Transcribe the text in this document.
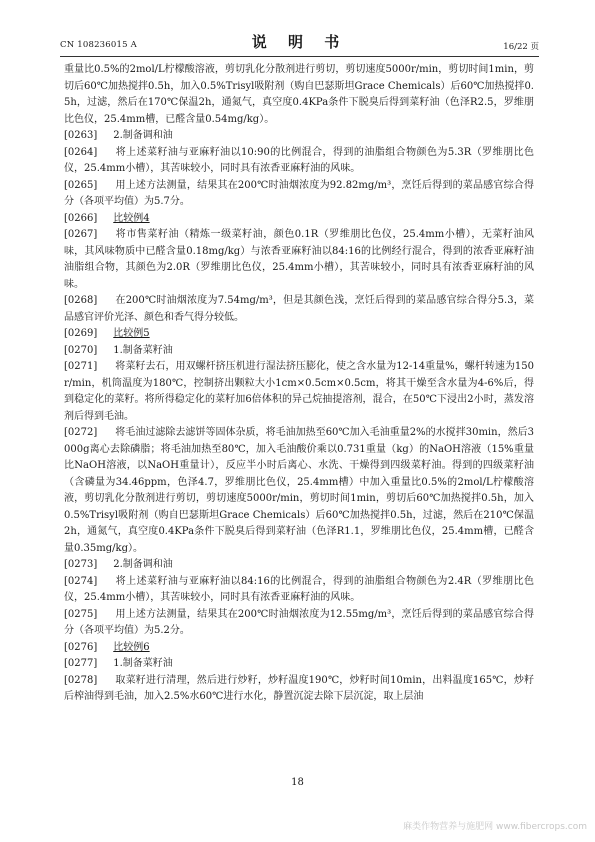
CN 108236015 A	说 明 书	16/22 页

重量比0.5%的2mol/L柠檬酸溶液，剪切乳化分散剂进行剪切，剪切速度5000r/min，剪切时间1min，剪切后60℃加热搅拌0.5h，加入0.5%Trisyl吸附剂（购自巴瑟斯坦Grace Chemicals）后60℃加热搅拌0.5h，过滤，然后在170℃保温2h，通氮气，真空度0.4KPa条件下脱臭后得到菜籽油（色泽R2.5，罗维朋比色仪，25.4mm槽，已醛含量0.54mg/kg）。

[0263] 2.制备调和油

[0264] 将上述菜籽油与亚麻籽油以10:90的比例混合，得到的油脂组合物颜色为5.3R（罗维朋比色仪，25.4mm小槽），其苦味较小，同时具有浓香亚麻籽油的风味。

[0265] 用上述方法测量，结果其在200℃时油烟浓度为92.82mg/m³，烹饪后得到的菜品感官综合得分（各项平均值）为5.7分。

[0266] 比较例4

[0267] 将市售菜籽油（精炼一级菜籽油，颜色0.1R（罗维朋比色仪，25.4mm小槽），无菜籽油风味，其风味物质中已醛含量0.18mg/kg）与浓香亚麻籽油以84:16的比例经行混合，得到的浓香亚麻籽油油脂组合物，其颜色为2.0R（罗维朋比色仪，25.4mm小槽），其苦味较小，同时具有浓香亚麻籽油的风味。

[0268] 在200℃时油烟浓度为7.54mg/m³，但是其颜色浅，烹饪后得到的菜品感官综合得分5.3，菜品感官评价光泽、颜色和香气得分较低。

[0269] 比较例5

[0270] 1.制备菜籽油

[0271] 将菜籽去石，用双螺杆挤压机进行湿法挤压膨化，使之含水量为12-14重量%，螺杆转速为150r/min，机筒温度为180℃，控制挤出颗粒大小1cm×0.5cm×0.5cm，将其干燥至含水量为4-6%后，得到稳定化的菜籽。将所得稳定化的菜籽加6倍体积的异己烷抽提溶剂，混合，在50℃下浸出2小时，蒸发溶剂后得到毛油。

[0272] 将毛油过滤除去滤饼等固体杂质，将毛油加热至60℃加入毛油重量2%的水搅拌30min，然后3000g离心去除磷脂；将毛油加热至80℃，加入毛油酸价乘以0.731重量（kg）的NaOH溶液（15%重量比NaOH溶液，以NaOH重量计），反应半小时后离心、水洗、干燥得到四级菜籽油。得到的四级菜籽油（含磷量为34.46ppm，色泽4.7，罗维朋比色仪，25.4mm槽）中加入重量比0.5%的2mol/L柠檬酸溶液，剪切乳化分散剂进行剪切，剪切速度5000r/min，剪切时间1min，剪切后60℃加热搅拌0.5h，加入0.5%Trisyl吸附剂（购自巴瑟斯坦Grace Chemicals）后60℃加热搅拌0.5h，过滤，然后在210℃保温2h，通氮气，真空度0.4KPa条件下脱臭后得到菜籽油（色泽R1.1，罗维朋比色仪，25.4mm槽，已醛含量0.35mg/kg）。

[0273] 2.制备调和油

[0274] 将上述菜籽油与亚麻籽油以84:16的比例混合，得到的油脂组合物颜色为2.4R（罗维朋比色仪，25.4mm小槽），其苦味较小，同时具有浓香亚麻籽油的风味。

[0275] 用上述方法测量，结果其在200℃时油烟浓度为12.55mg/m³，烹饪后得到的菜品感官综合得分（各项平均值）为5.2分。

[0276] 比较例6

[0277] 1.制备菜籽油

[0278] 取菜籽进行清理，然后进行炒籽，炒籽温度190℃，炒籽时间10min，出料温度165℃，炒籽后榨油得到毛油，加入2.5%水60℃进行水化，静置沉淀去除下层沉淀，取上层油

18
麻类作物营养与施肥网 www.fibercrops.com
